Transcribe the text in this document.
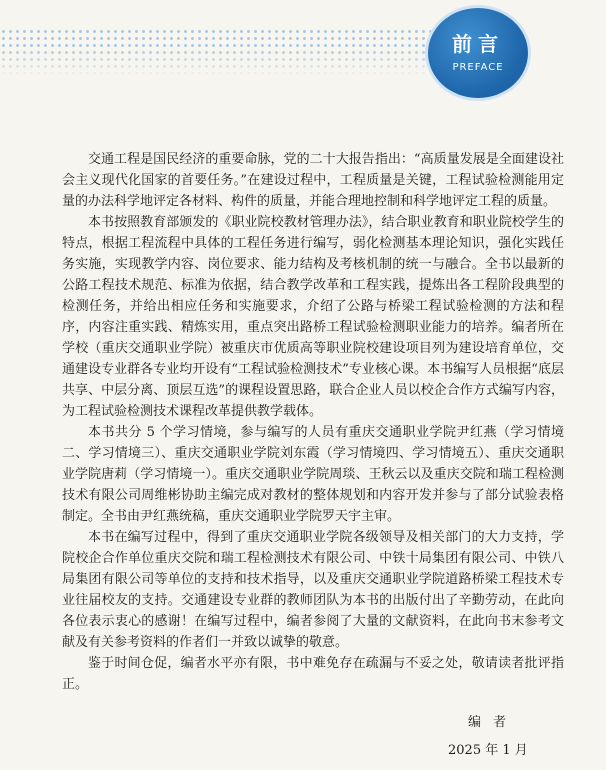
前言
PREFACE

交通工程是国民经济的重要命脉，党的二十大报告指出：“高质量发展是全面建设社会主义现代化国家的首要任务。”在建设过程中，工程质量是关键，工程试验检测能用定量的办法科学地评定各材料、构件的质量，并能合理地控制和科学地评定工程的质量。

本书按照教育部颁发的《职业院校教材管理办法》，结合职业教育和职业院校学生的特点，根据工程流程中具体的工程任务进行编写，弱化检测基本理论知识，强化实践任务实施，实现教学内容、岗位要求、能力结构及考核机制的统一与融合。全书以最新的公路工程技术规范、标准为依据，结合教学改革和工程实践，提炼出各工程阶段典型的检测任务，并给出相应任务和实施要求，介绍了公路与桥梁工程试验检测的方法和程序，内容注重实践、精炼实用，重点突出路桥工程试验检测职业能力的培养。编者所在学校（重庆交通职业学院）被重庆市优质高等职业院校建设项目列为建设培育单位，交通建设专业群各专业均开设有“工程试验检测技术”专业核心课。本书编写人员根据“底层共享、中层分离、顶层互选”的课程设置思路，联合企业人员以校企合作方式编写内容，为工程试验检测技术课程改革提供教学载体。

本书共分 5 个学习情境，参与编写的人员有重庆交通职业学院尹红燕（学习情境二、学习情境三）、重庆交通职业学院刘东霞（学习情境四、学习情境五）、重庆交通职业学院唐莉（学习情境一）。重庆交通职业学院周琰、王秋云以及重庆交院和瑞工程检测技术有限公司周维彬协助主编完成对教材的整体规划和内容开发并参与了部分试验表格制定。全书由尹红燕统稿，重庆交通职业学院罗天宇主审。

本书在编写过程中，得到了重庆交通职业学院各级领导及相关部门的大力支持，学院校企合作单位重庆交院和瑞工程检测技术有限公司、中铁十局集团有限公司、中铁八局集团有限公司等单位的支持和技术指导，以及重庆交通职业学院道路桥梁工程技术专业往届校友的支持。交通建设专业群的教师团队为本书的出版付出了辛勤劳动，在此向各位表示衷心的感谢！在编写过程中，编者参阅了大量的文献资料，在此向书末参考文献及有关参考资料的作者们一并致以诚挚的敬意。

鉴于时间仓促，编者水平亦有限，书中难免存在疏漏与不妥之处，敬请读者批评指正。

编者
2025 年 1 月
